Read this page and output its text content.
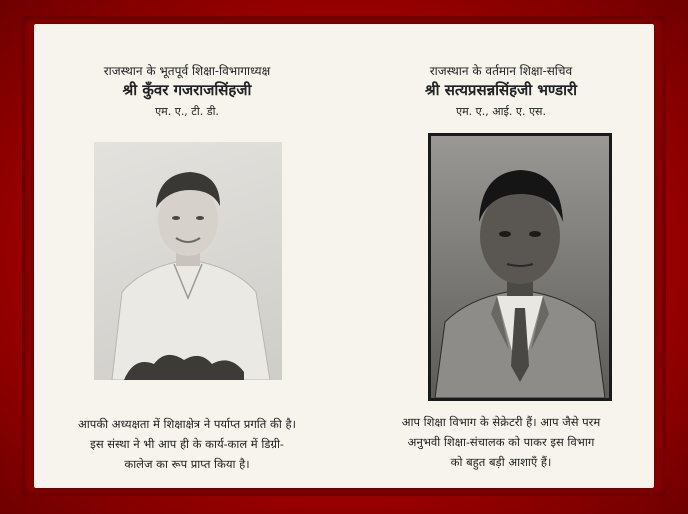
राजस्थान के भूतपूर्व शिक्षा-विभागाध्यक्ष
श्री कुँवर गजराजसिंहजी
एम. ए., टी. डी.
आपकी अध्यक्षता में शिक्षाक्षेत्र ने पर्याप्त प्रगति की है।
इस संस्था ने भी आप ही के कार्य-काल में डिग्री-
कालेज का रूप प्राप्त किया है।
राजस्थान के वर्तमान शिक्षा-सचिव
श्री सत्यप्रसन्नसिंहजी भण्डारी
एम. ए., आई. ए. एस.
आप शिक्षा विभाग के सेक्रेटरी हैं। आप जैसे परम
अनुभवी शिक्षा-संचालक को पाकर इस विभाग
को बहुत बड़ी आशाएँ हैं।
